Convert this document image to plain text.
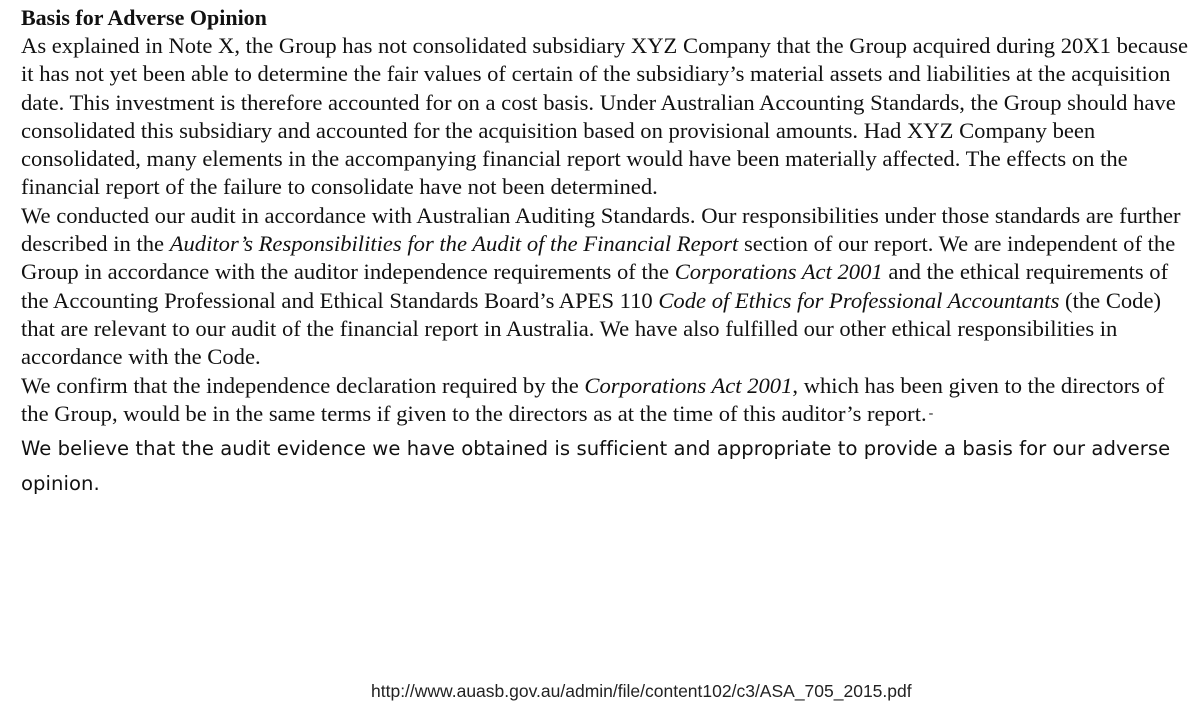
Basis for Adverse Opinion

As explained in Note X, the Group has not consolidated subsidiary XYZ Company that the Group acquired during 20X1 because it has not yet been able to determine the fair values of certain of the subsidiary’s material assets and liabilities at the acquisition date. This investment is therefore accounted for on a cost basis. Under Australian Accounting Standards, the Group should have consolidated this subsidiary and accounted for the acquisition based on provisional amounts. Had XYZ Company been consolidated, many elements in the accompanying financial report would have been materially affected. The effects on the financial report of the failure to consolidate have not been determined.

We conducted our audit in accordance with Australian Auditing Standards. Our responsibilities under those standards are further described in the Auditor’s Responsibilities for the Audit of the Financial Report section of our report. We are independent of the Group in accordance with the auditor independence requirements of the Corporations Act 2001 and the ethical requirements of the Accounting Professional and Ethical Standards Board’s APES 110 Code of Ethics for Professional Accountants (the Code) that are relevant to our audit of the financial report in Australia. We have also fulfilled our other ethical responsibilities in accordance with the Code.

We confirm that the independence declaration required by the Corporations Act 2001, which has been given to the directors of the Group, would be in the same terms if given to the directors as at the time of this auditor’s report. -

We believe that the audit evidence we have obtained is sufficient and appropriate to provide a basis for our adverse opinion.

http://www.auasb.gov.au/admin/file/content102/c3/ASA_705_2015.pdf
